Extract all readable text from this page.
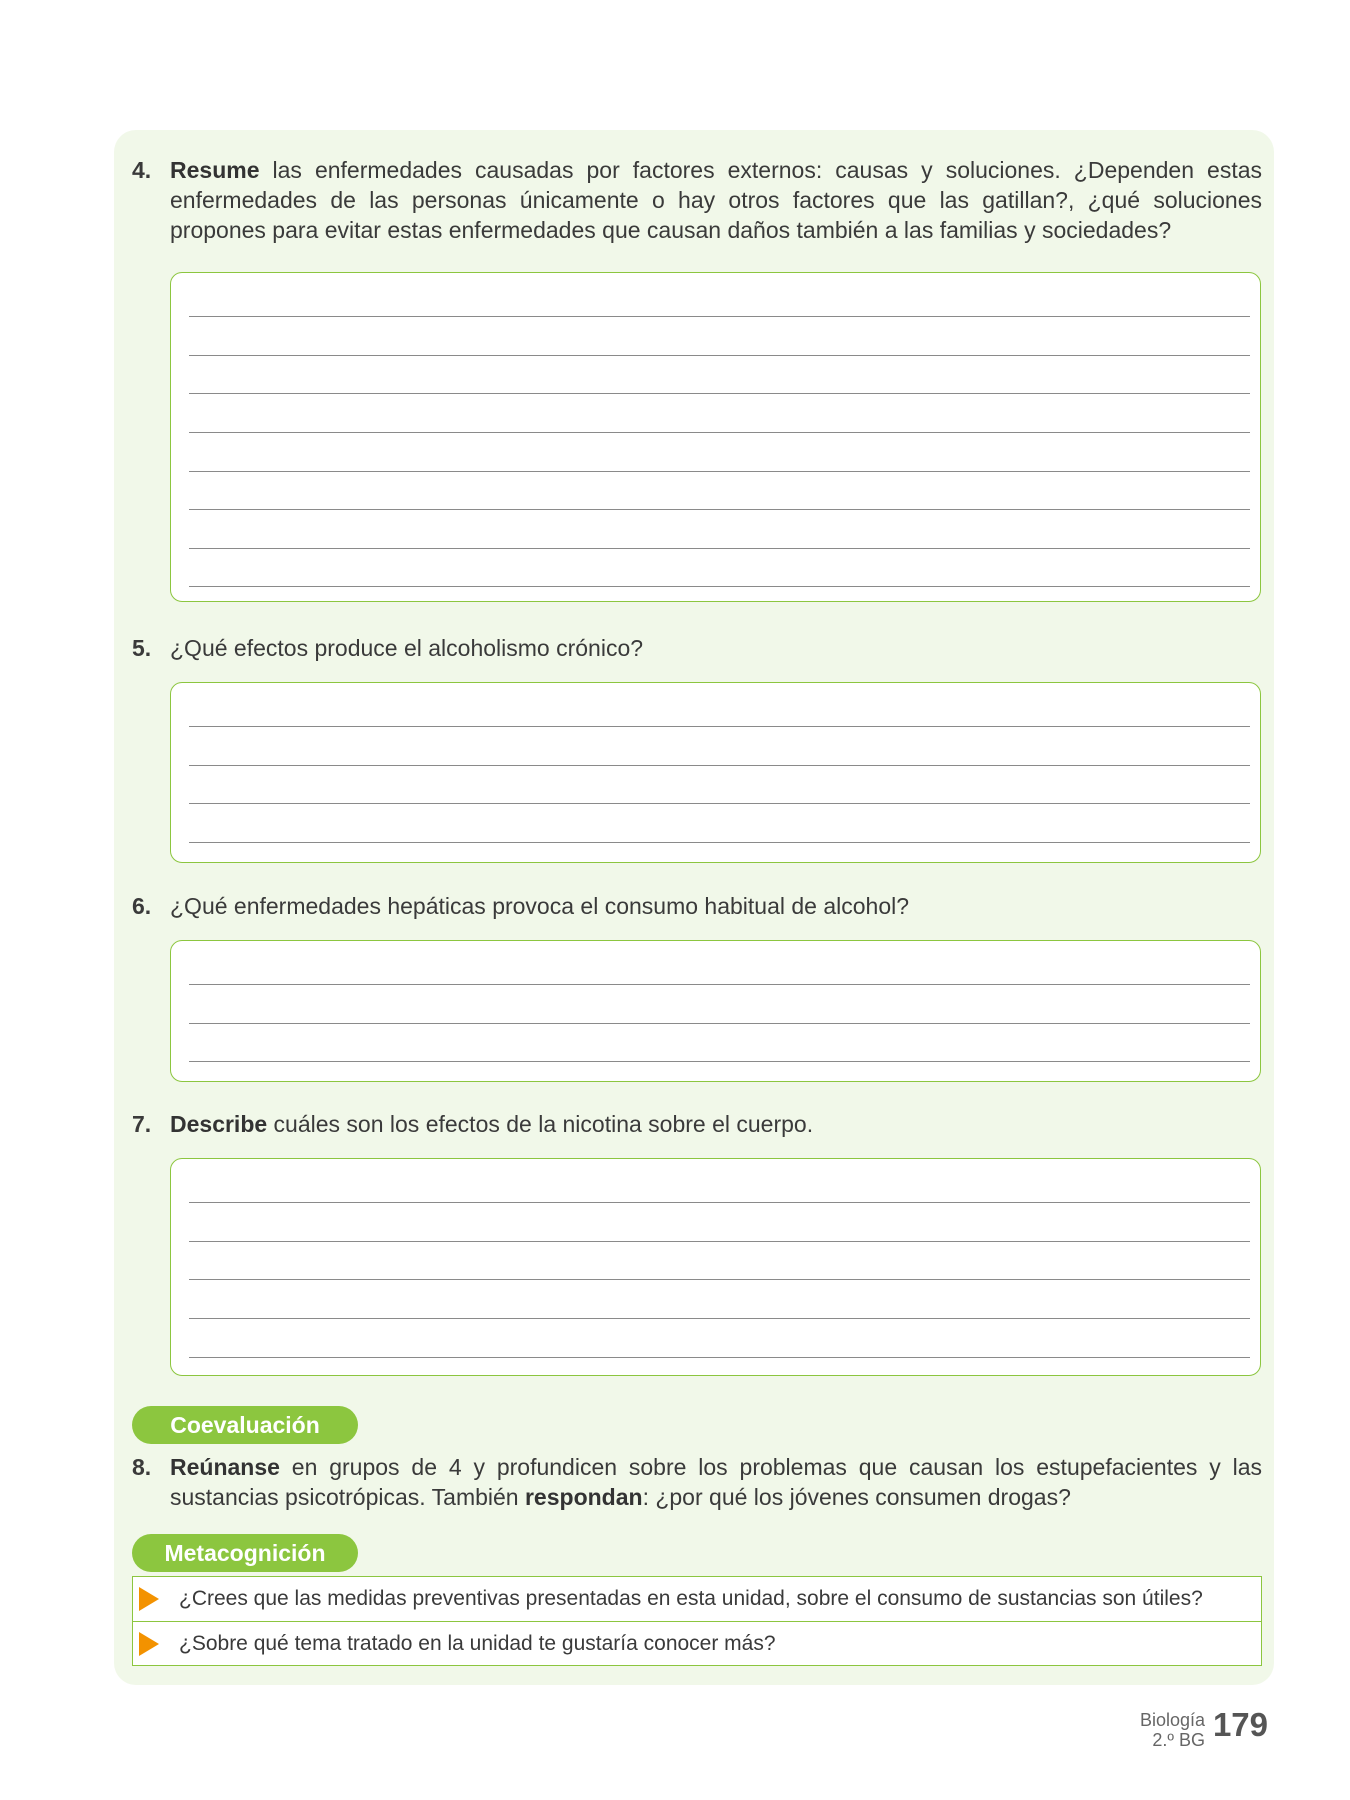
4. Resume las enfermedades causadas por factores externos: causas y soluciones. ¿Dependen estas enfermedades de las personas únicamente o hay otros factores que las gatillan?, ¿qué soluciones propones para evitar estas enfermedades que causan daños también a las familias y sociedades?
5. ¿Qué efectos produce el alcoholismo crónico?
6. ¿Qué enfermedades hepáticas provoca el consumo habitual de alcohol?
7. Describe cuáles son los efectos de la nicotina sobre el cuerpo.
Coevaluación
8. Reúnanse en grupos de 4 y profundicen sobre los problemas que causan los estupefacientes y las sustancias psicotrópicas. También respondan: ¿por qué los jóvenes consumen drogas?
Metacognición
¿Crees que las medidas preventivas presentadas en esta unidad, sobre el consumo de sustancias son útiles?
¿Sobre qué tema tratado en la unidad te gustaría conocer más?
Biología
2.º BG 179
